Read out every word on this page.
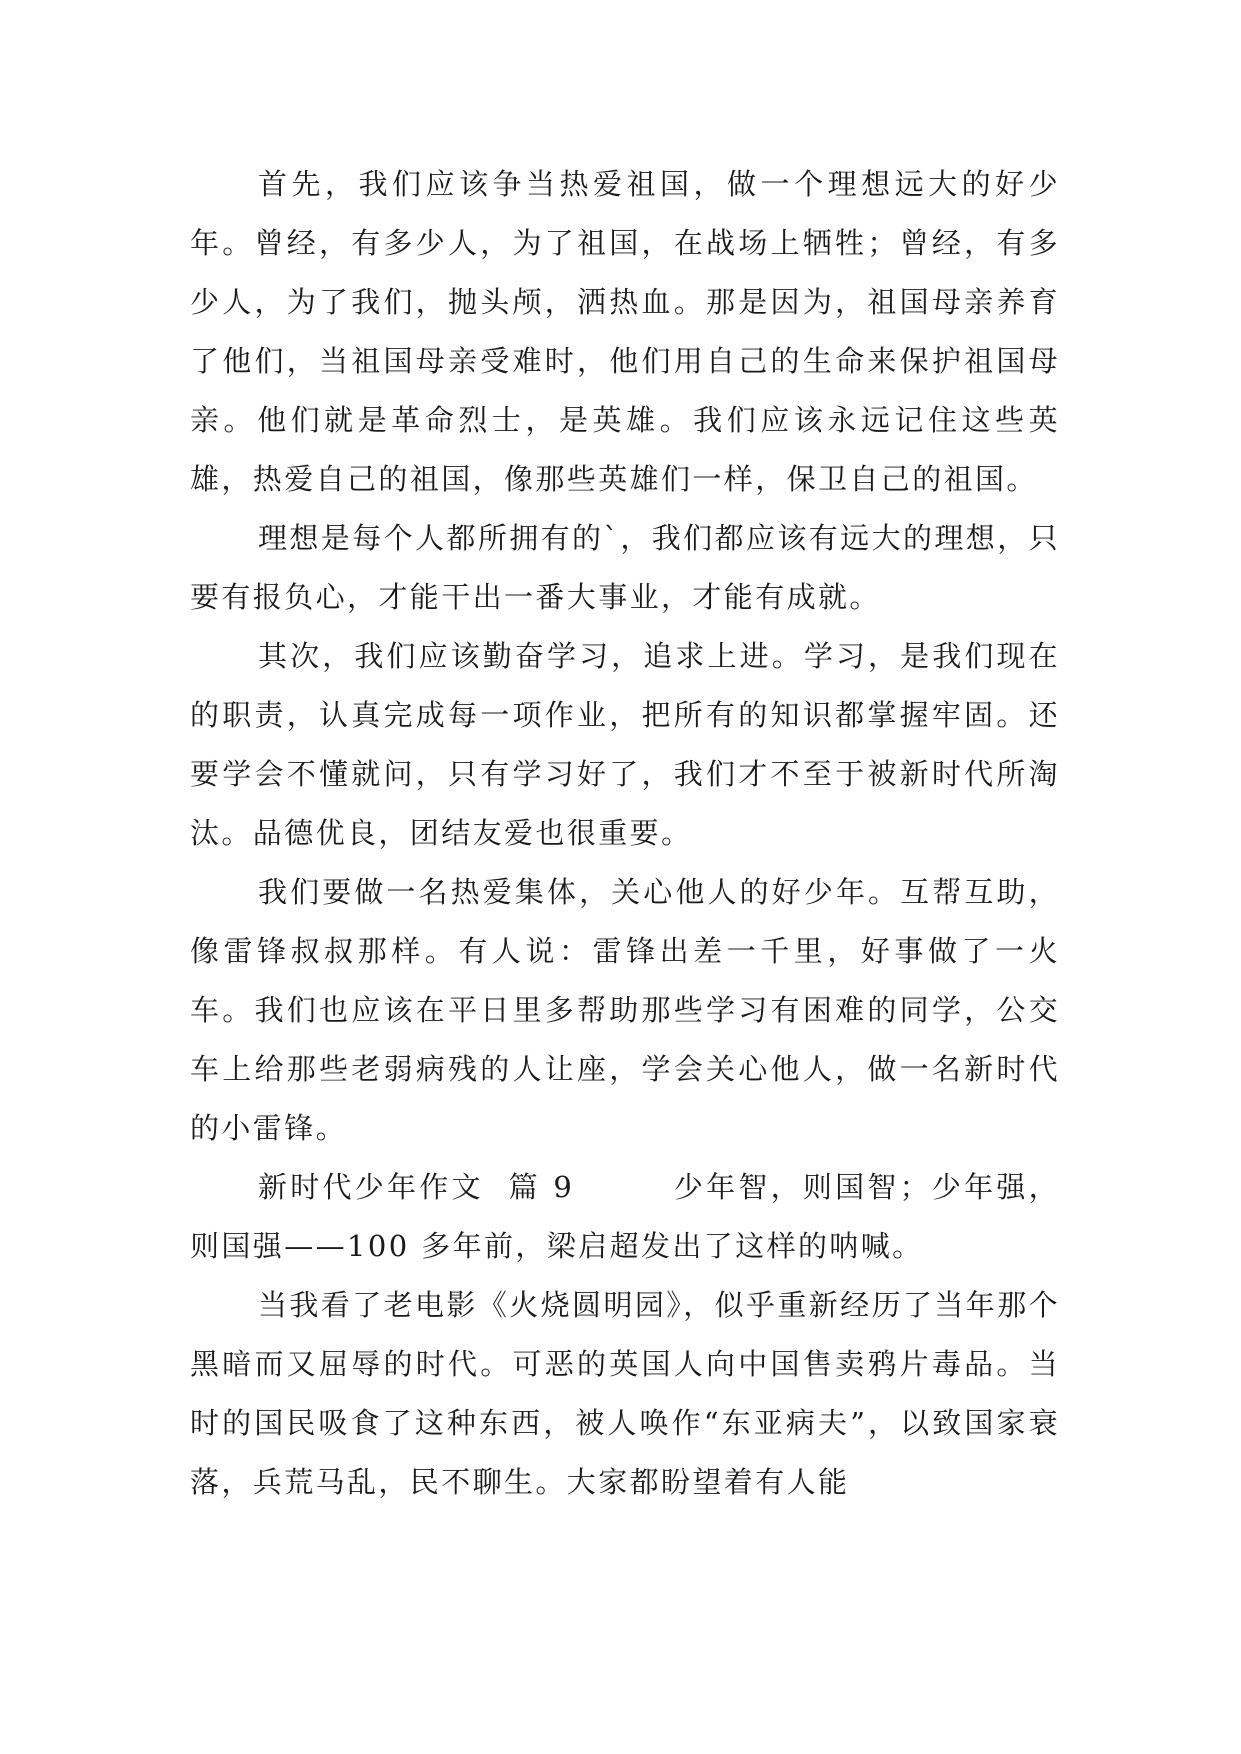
首先，我们应该争当热爱祖国，做一个理想远大的好少年。曾经，有多少人，为了祖国，在战场上牺牲；曾经，有多少人，为了我们，抛头颅，洒热血。那是因为，祖国母亲养育了他们，当祖国母亲受难时，他们用自己的生命来保护祖国母亲。他们就是革命烈士，是英雄。我们应该永远记住这些英雄，热爱自己的祖国，像那些英雄们一样，保卫自己的祖国。

理想是每个人都所拥有的`，我们都应该有远大的理想，只要有报负心，才能干出一番大事业，才能有成就。

其次，我们应该勤奋学习，追求上进。学习，是我们现在的职责，认真完成每一项作业，把所有的知识都掌握牢固。还要学会不懂就问，只有学习好了，我们才不至于被新时代所淘汰。品德优良，团结友爱也很重要。

我们要做一名热爱集体，关心他人的好少年。互帮互助，像雷锋叔叔那样。有人说：雷锋出差一千里，好事做了一火车。我们也应该在平日里多帮助那些学习有困难的同学，公交车上给那些老弱病残的人让座，学会关心他人，做一名新时代的小雷锋。

新时代少年作文  篇 9        少年智，则国智；少年强，则国强——100 多年前，梁启超发出了这样的呐喊。

当我看了老电影《火烧圆明园》，似乎重新经历了当年那个黑暗而又屈辱的时代。可恶的英国人向中国售卖鸦片毒品。当时的国民吸食了这种东西，被人唤作“东亚病夫”，以致国家衰落，兵荒马乱，民不聊生。大家都盼望着有人能
